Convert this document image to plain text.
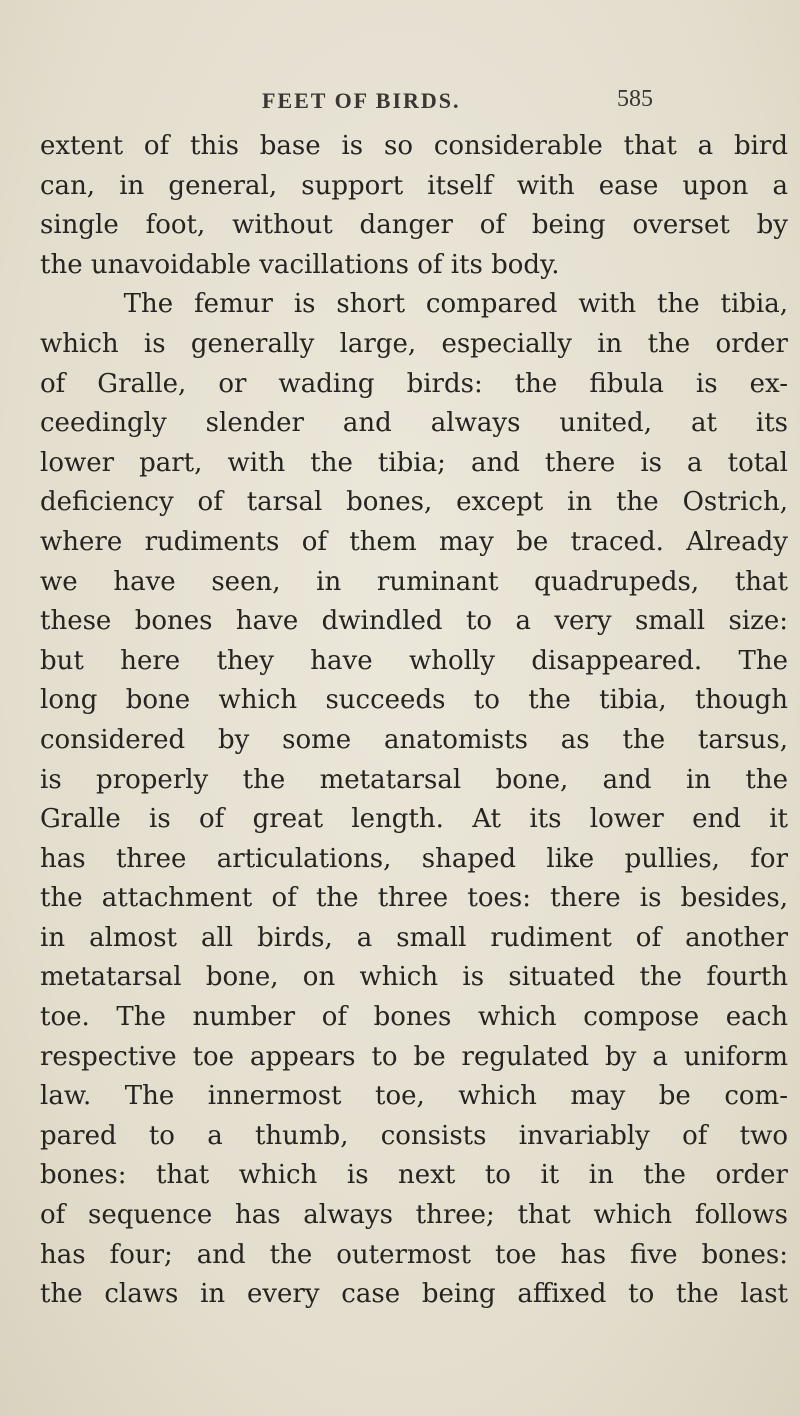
FEET OF BIRDS.	585
extent of this base is so considerable that a bird
can, in general, support itself with ease upon a
single foot, without danger of being overset by
the unavoidable vacillations of its body.
The femur is short compared with the tibia,
which is generally large, especially in the order
of Gralle, or wading birds: the fibula is ex-
ceedingly slender and always united, at its
lower part, with the tibia; and there is a total
deficiency of tarsal bones, except in the Ostrich,
where rudiments of them may be traced. Already
we have seen, in ruminant quadrupeds, that
these bones have dwindled to a very small size:
but here they have wholly disappeared. The
long bone which succeeds to the tibia, though
considered by some anatomists as the tarsus,
is properly the metatarsal bone, and in the
Gralle is of great length. At its lower end it
has three articulations, shaped like pullies, for
the attachment of the three toes: there is besides,
in almost all birds, a small rudiment of another
metatarsal bone, on which is situated the fourth
toe. The number of bones which compose each
respective toe appears to be regulated by a uniform
law. The innermost toe, which may be com-
pared to a thumb, consists invariably of two
bones: that which is next to it in the order
of sequence has always three; that which follows
has four; and the outermost toe has five bones:
the claws in every case being affixed to the last
